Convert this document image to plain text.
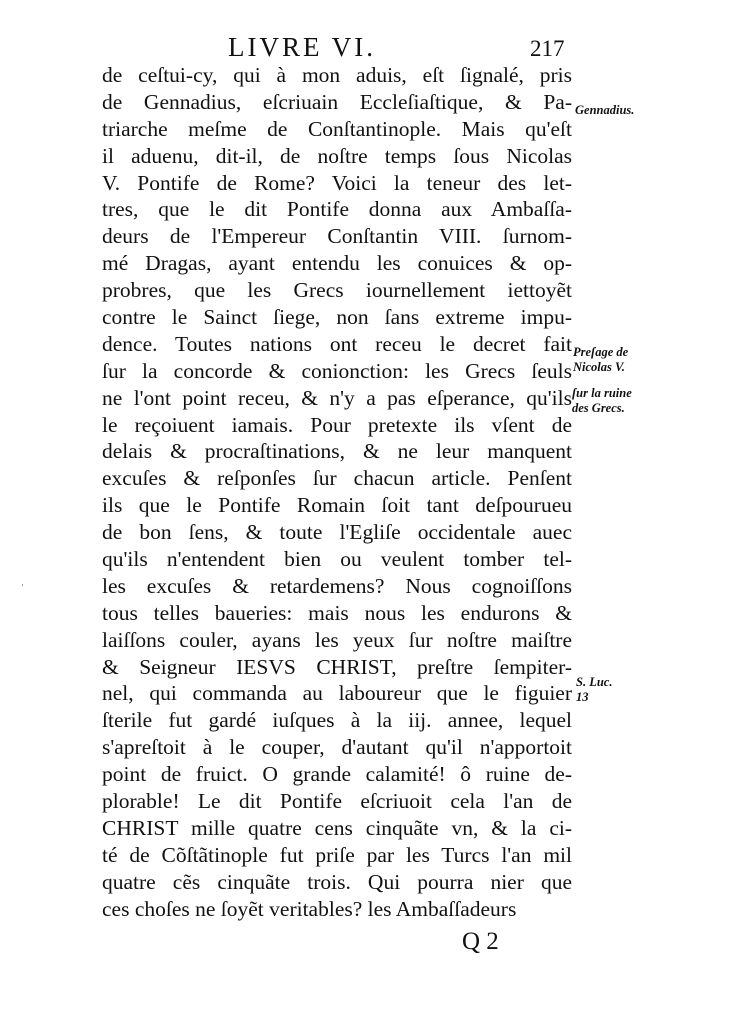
LIVRE VI.	217
de ceſtui-cy, qui à mon aduis, eſt ſignalé, pris
de Gennadius, eſcriuain Eccleſiaſtique, & Pa-
triarche meſme de Conſtantinople. Mais qu'eſt
il aduenu, dit-il, de noſtre temps ſous Nicolas
V. Pontife de Rome? Voici la teneur des let-
tres, que le dit Pontife donna aux Ambaſſa-
deurs de l'Empereur Conſtantin VIII. ſurnom-
mé Dragas, ayant entendu les conuices & op-
probres, que les Grecs iournellement iettoyẽt
contre le Sainct ſiege, non ſans extreme impu-
dence. Toutes nations ont receu le decret fait
ſur la concorde & conionction: les Grecs ſeuls
ne l'ont point receu, & n'y a pas eſperance, qu'ils
le reçoiuent iamais. Pour pretexte ils vſent de
delais & procraſtinations, & ne leur manquent
excuſes & reſponſes ſur chacun article. Penſent
ils que le Pontife Romain ſoit tant deſpourueu
de bon ſens, & toute l'Egliſe occidentale auec
qu'ils n'entendent bien ou veulent tomber tel-
les excuſes & retardemens? Nous cognoiſſons
tous telles baueries: mais nous les endurons &
laiſſons couler, ayans les yeux ſur noſtre maiſtre
& Seigneur IESVS CHRIST, preſtre ſempiter-
nel, qui commanda au laboureur que le figuier
ſterile fut gardé iuſques à la iij. annee, lequel
s'apreſtoit à le couper, d'autant qu'il n'apportoit
point de fruict. O grande calamité! ô ruine de-
plorable! Le dit Pontife eſcriuoit cela l'an de
CHRIST mille quatre cens cinquãte vn, & la ci-
té de Cõſtãtinople fut priſe par les Turcs l'an mil
quatre cẽs cinquãte trois. Qui pourra nier que
ces choſes ne ſoyẽt veritables? les Ambaſſadeurs
Gennadius.
Preſage de
Nicolas V.
ſur la ruine
des Grecs.
S. Luc.
13
Q 2
